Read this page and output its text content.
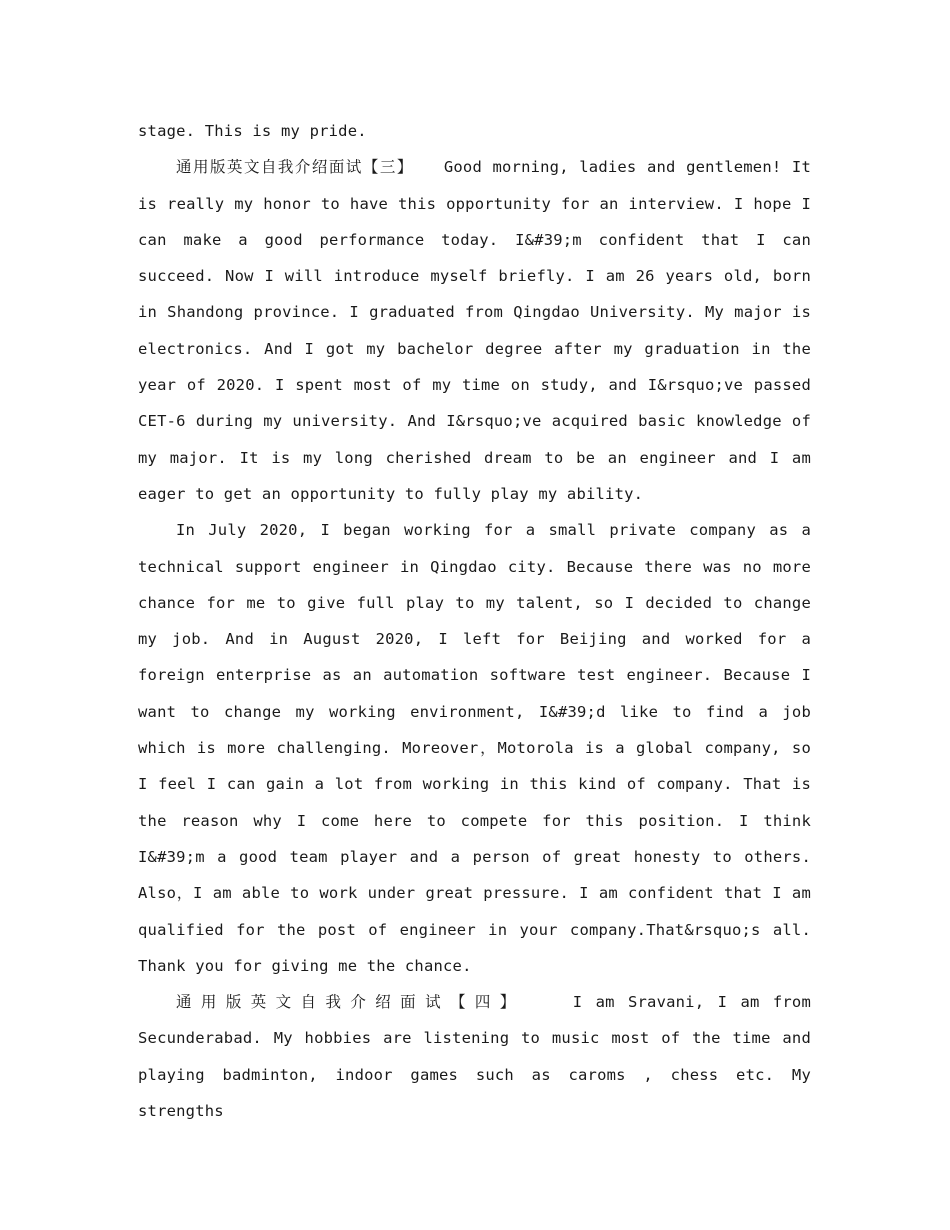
stage. This is my pride.

通用版英文自我介绍面试【三】 Good morning, ladies and gentlemen! It is really my honor to have this opportunity for an interview. I hope I can make a good performance today. I&#39;m confident that I can succeed. Now I will introduce myself briefly. I am 26 years old, born in Shandong province. I graduated from Qingdao University. My major is electronics. And I got my bachelor degree after my graduation in the year of 2020. I spent most of my time on study, and I&rsquo;ve passed CET-6 during my university. And I&rsquo;ve acquired basic knowledge of my major. It is my long cherished dream to be an engineer and I am eager to get an opportunity to fully play my ability.

In July 2020, I began working for a small private company as a technical support engineer in Qingdao city. Because there was no more chance for me to give full play to my talent, so I decided to change my job. And in August 2020, I left for Beijing and worked for a foreign enterprise as an automation software test engineer. Because I want to change my working environment, I&#39;d like to find a job which is more challenging. Moreover，Motorola is a global company, so I feel I can gain a lot from working in this kind of company. That is the reason why I come here to compete for this position. I think I&#39;m a good team player and a person of great honesty to others. Also，I am able to work under great pressure. I am confident that I am qualified for the post of engineer in your company.That&rsquo;s all. Thank you for giving me the chance.

通用版英文自我介绍面试【四】	I am Sravani, I am from Secunderabad. My hobbies are listening to music most of the time and playing badminton, indoor games such as caroms , chess etc. My strengths
